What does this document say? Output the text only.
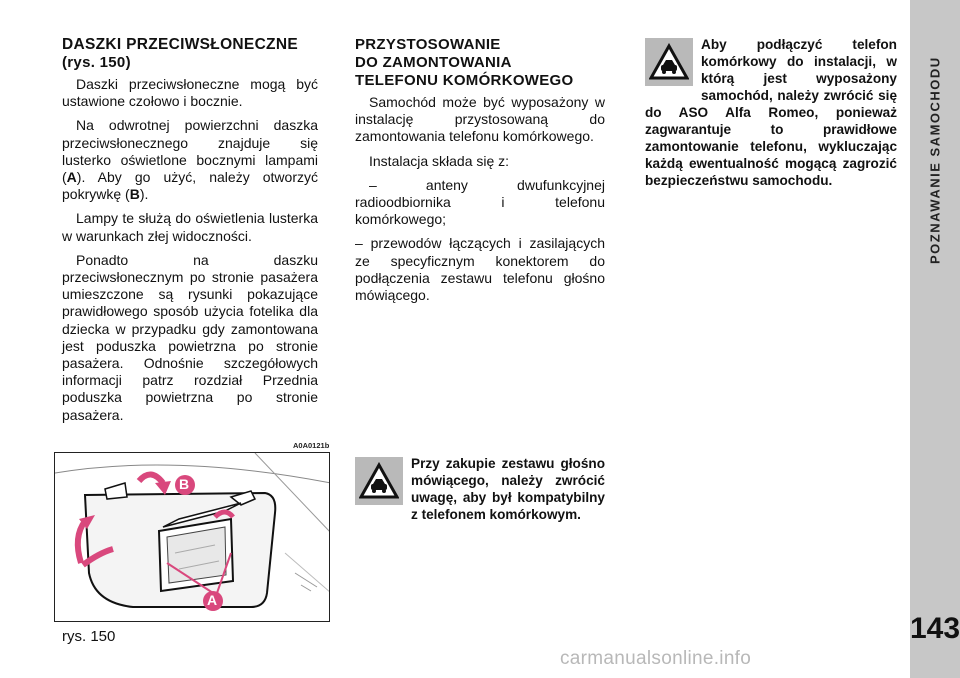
POZNAWANIE SAMOCHODU
143
DASZKI PRZECIWSŁONECZNE
(rys. 150)

Daszki przeciwsłoneczne mogą być ustawione czołowo i bocznie.

Na odwrotnej powierzchni daszka przeciwsłonecznego znajduje się lusterko oświetlone bocznymi lampami (A). Aby go użyć, należy otworzyć pokrywkę (B).

Lampy te służą do oświetlenia lusterka w warunkach złej widoczności.

Ponadto na daszku przeciwsłonecznym po stronie pasażera umieszczone są rysunki pokazujące prawidłowego sposób użycia fotelika dla dziecka w przypadku gdy zamontowana jest poduszka powietrzna po stronie pasażera. Odnośnie szczegółowych informacji patrz rozdział Przednia poduszka powietrzna po stronie pasażera.

PRZYSTOSOWANIE
DO ZAMONTOWANIA
TELEFONU KOMÓRKOWEGO

Samochód może być wyposażony w instalację przystosowaną do zamontowania telefonu komórkowego.

Instalacja składa się z:

– anteny dwufunkcyjnej radioodbiornika i telefonu komórkowego;

– przewodów łączących i zasilających ze specyficznym konektorem do podłączenia zestawu telefonu głośno mówiącego.

Aby podłączyć telefon komórkowy do instalacji, w którą jest wyposażony samochód, należy zwrócić się do ASO Alfa Romeo, ponieważ zagwarantuje to prawidłowe zamontowanie telefonu, wykluczając każdą ewentualność mogącą zagrozić bezpieczeństwu samochodu.
Przy zakupie zestawu głośno mówiącego, należy zwrócić uwagę, aby był kompatybilny z telefonem komórkowym.
A0A0121b
B
A
rys. 150
carmanualsonline.info
